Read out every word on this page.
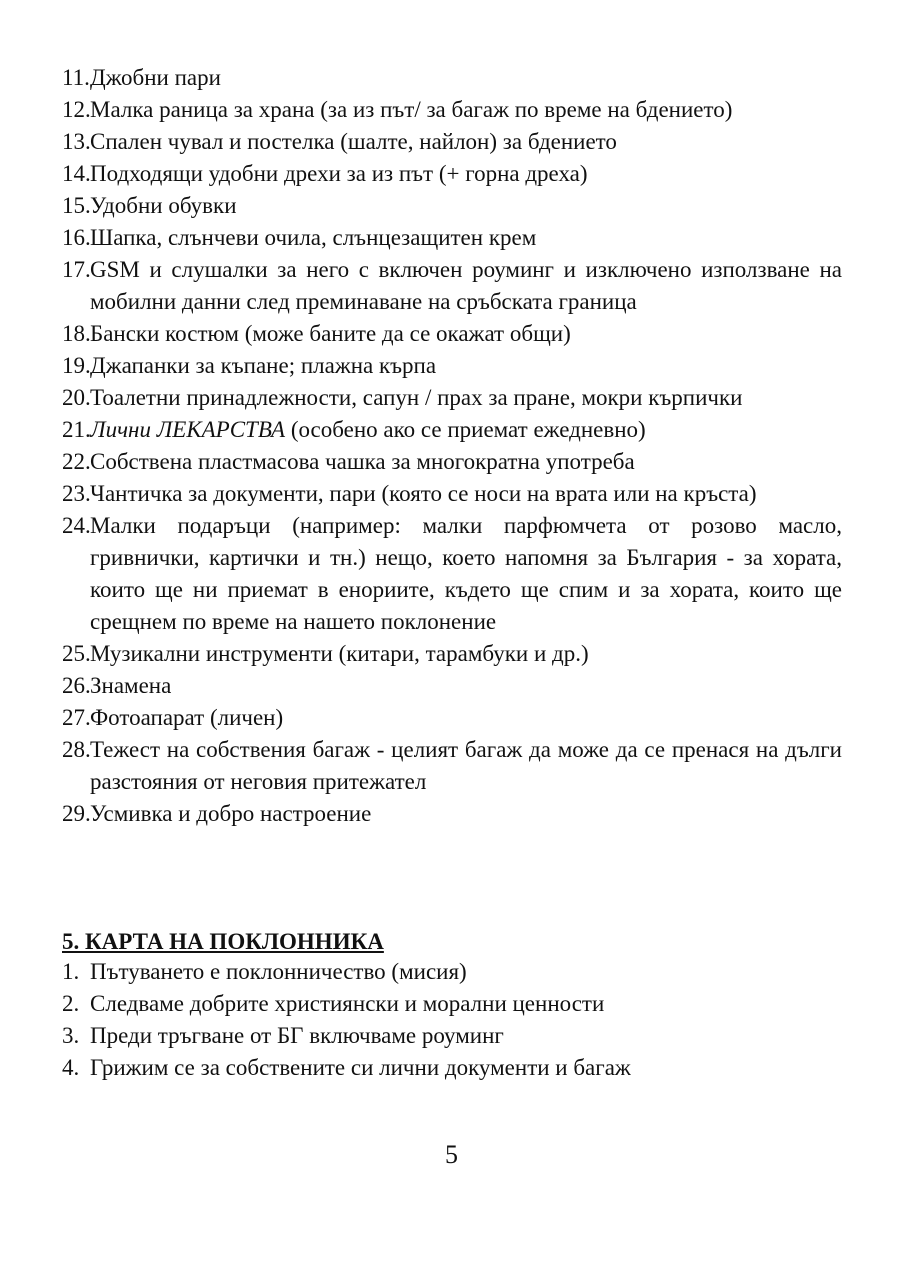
11. Джобни пари
12. Малка раница за храна (за из път/ за багаж по време на бдението)
13. Спален чувал и постелка (шалте, найлон) за бдението
14. Подходящи удобни дрехи за из път (+ горна дреха)
15. Удобни обувки
16. Шапка, слънчеви очила, слънцезащитен крем
17. GSM и слушалки за него с включен роуминг и изключено използване на мобилни данни след преминаване на сръбската граница
18. Бански костюм (може баните да се окажат общи)
19. Джапанки за къпане; плажна кърпа
20. Тоалетни принадлежности, сапун / прах за пране, мокри кърпички
21. Лични ЛЕКАРСТВА (особено ако се приемат ежедневно)
22. Собствена пластмасова чашка за многократна употреба
23. Чантичка за документи, пари (която се носи на врата или на кръста)
24. Малки подаръци (например: малки парфюмчета от розово масло, гривнички, картички и тн.) нещо, което напомня за България - за хората, които ще ни приемат в енориите, където ще спим и за хората, които ще срещнем по време на нашето поклонение
25. Музикални инструменти (китари, тарамбуки и др.)
26. Знамена
27. Фотоапарат (личен)
28. Тежест на собствения багаж - целият багаж да може да се пренася на дълги разстояния от неговия притежател
29. Усмивка и добро настроение
5. КАРТА НА ПОКЛОННИКА
1. Пътуването е поклонничество (мисия)
2. Следваме добрите християнски и морални ценности
3. Преди тръгване от БГ включваме роуминг
4. Грижим се за собствените си лични документи и багаж
5
